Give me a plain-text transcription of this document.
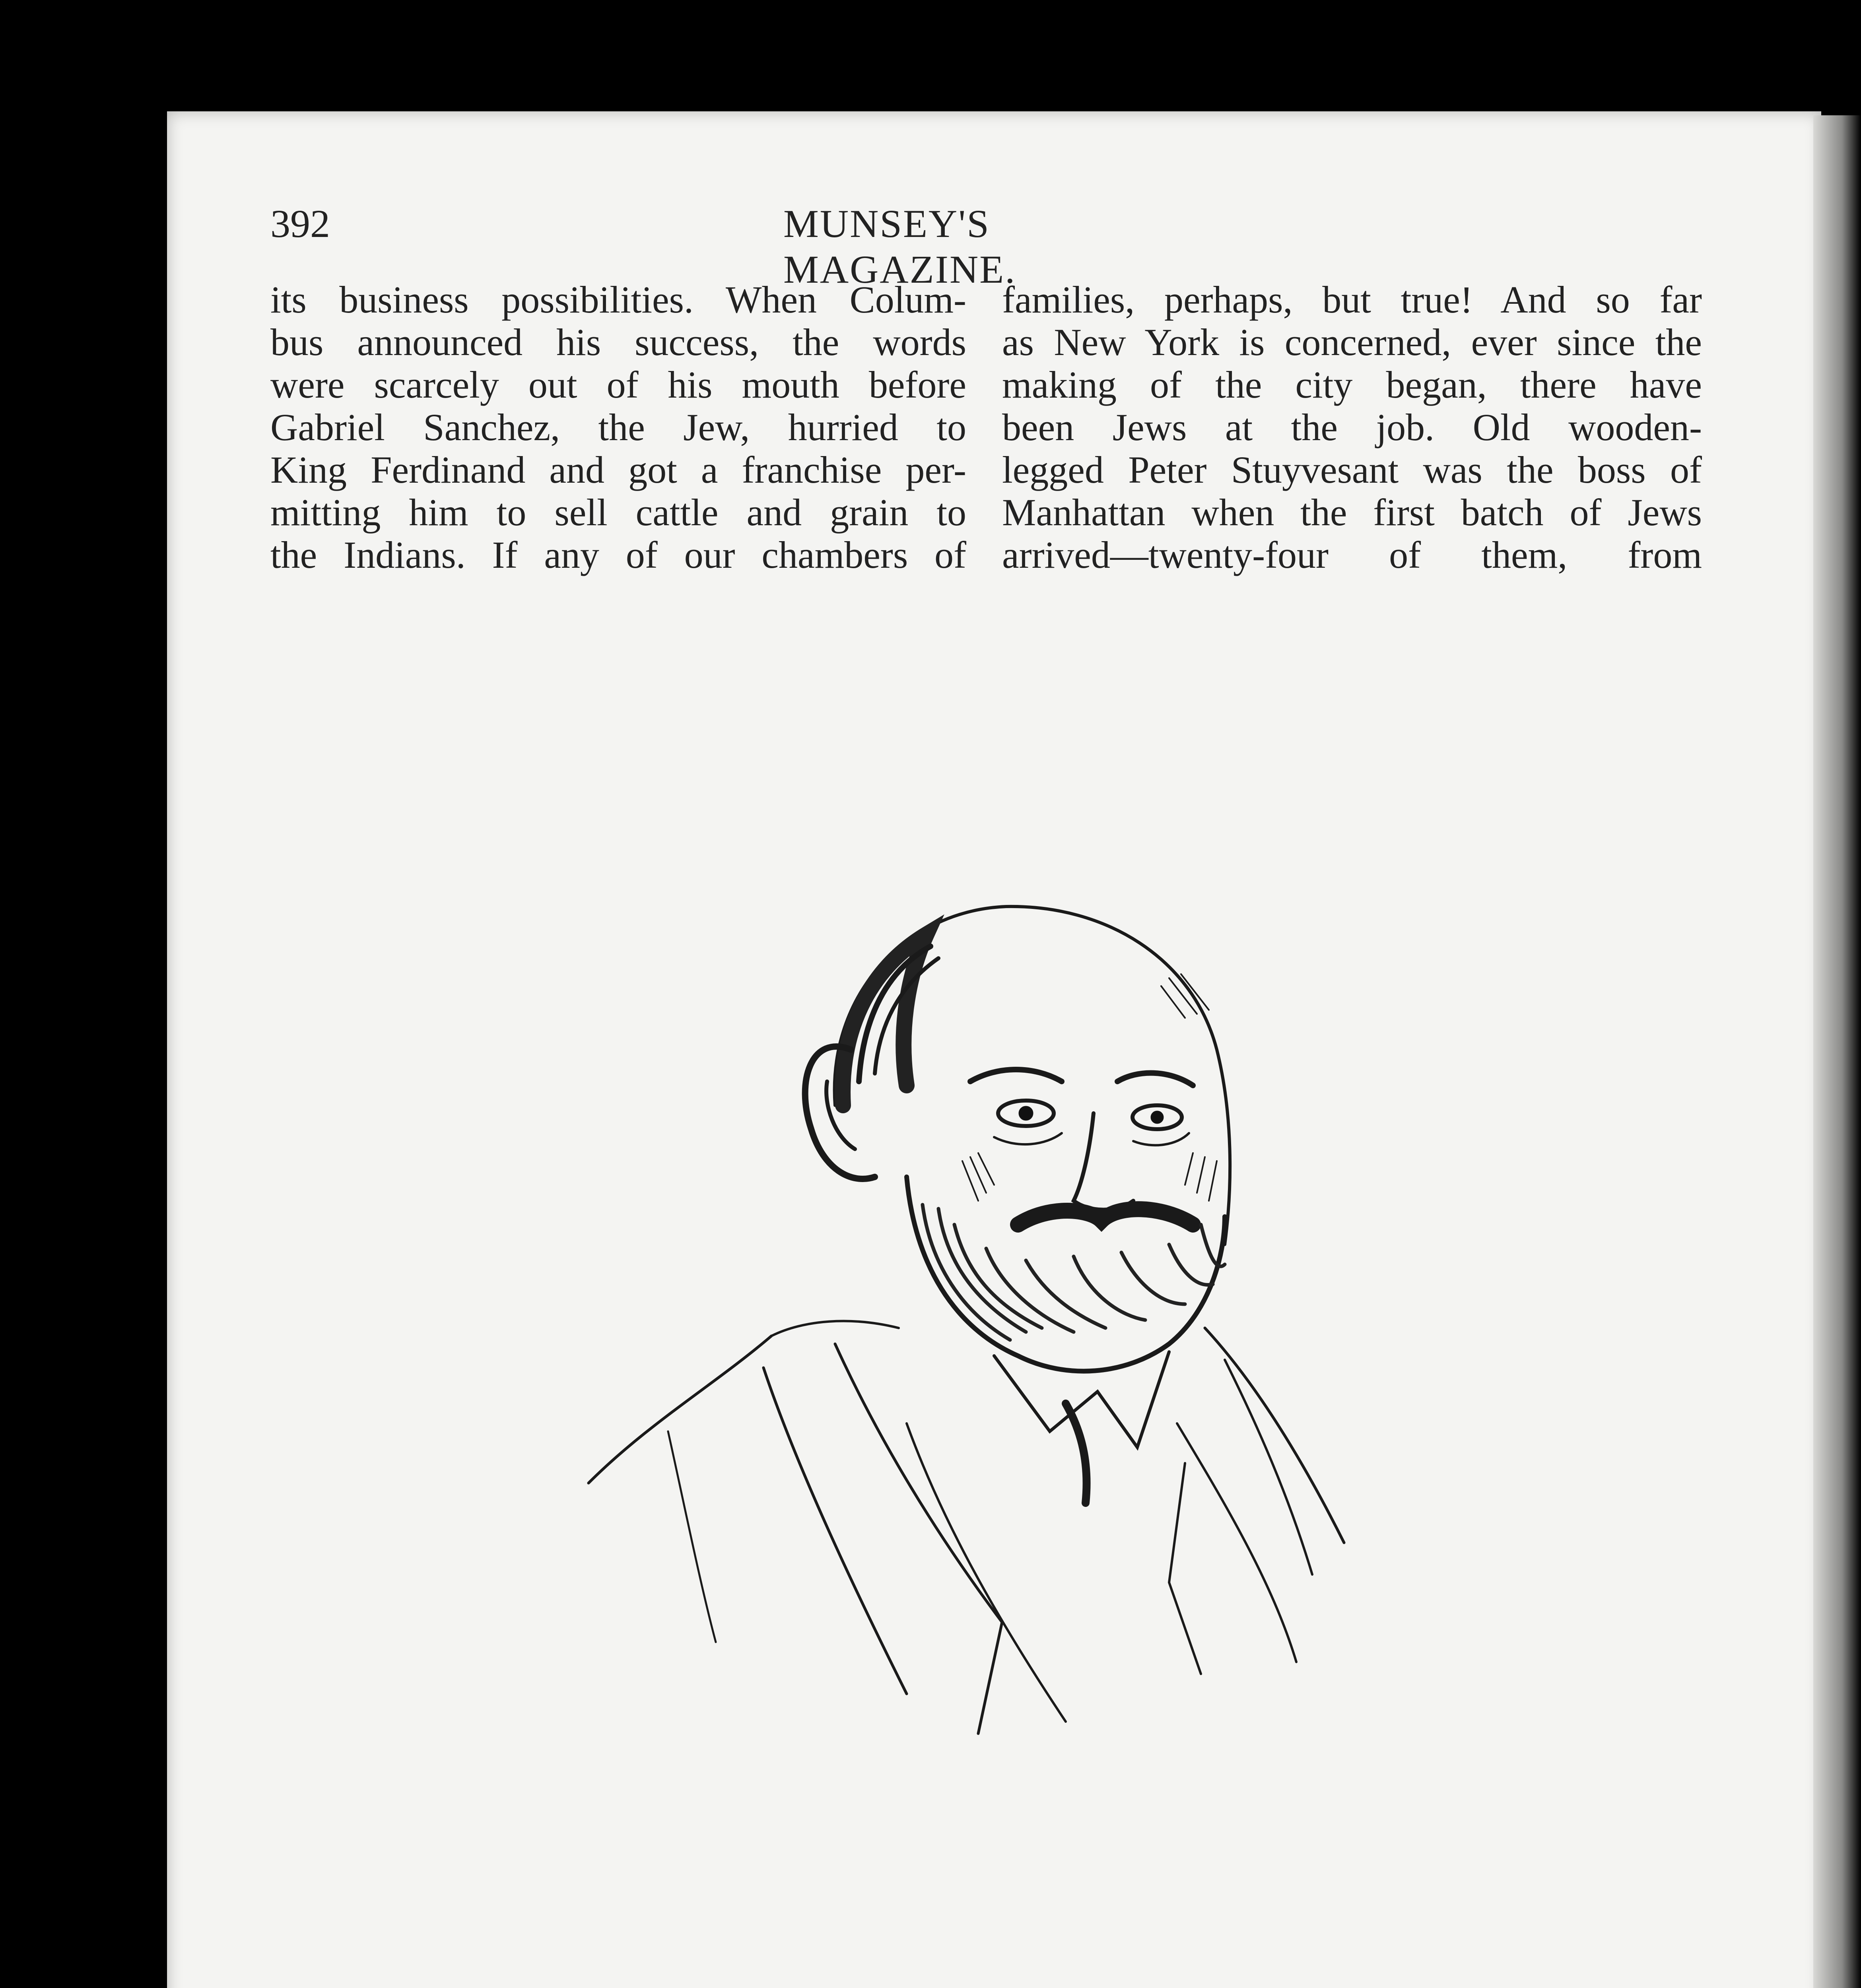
392	MUNSEY'S MAGAZINE.

its business possibilities. When Colum-

bus announced his success, the words

were scarcely out of his mouth before

Gabriel Sanchez, the Jew, hurried to

King Ferdinand and got a franchise per-

mitting him to sell cattle and grain to

the Indians. If any of our chambers of

families, perhaps, but true! And so far

as New York is concerned, ever since the

making of the city began, there have

been Jews at the job. Old wooden-

legged Peter Stuyvesant was the boss of

Manhattan when the first batch of Jews

arrived—twenty-four of them, from
